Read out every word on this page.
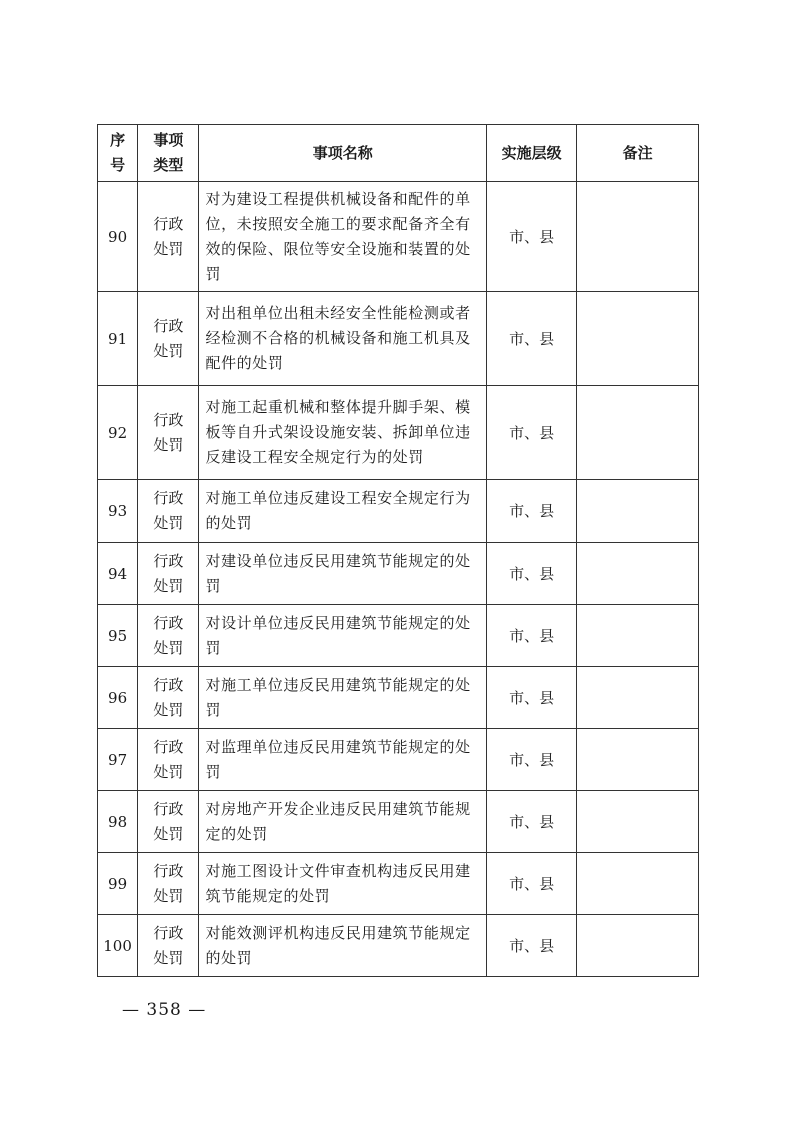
序号	事项类型	事项名称	实施层级	备注
90	行政处罚	对为建设工程提供机械设备和配件的单位，未按照安全施工的要求配备齐全有效的保险、限位等安全设施和装置的处罚	市、县	
91	行政处罚	对出租单位出租未经安全性能检测或者经检测不合格的机械设备和施工机具及配件的处罚	市、县	
92	行政处罚	对施工起重机械和整体提升脚手架、模板等自升式架设设施安装、拆卸单位违反建设工程安全规定行为的处罚	市、县	
93	行政处罚	对施工单位违反建设工程安全规定行为的处罚	市、县	
94	行政处罚	对建设单位违反民用建筑节能规定的处罚	市、县	
95	行政处罚	对设计单位违反民用建筑节能规定的处罚	市、县	
96	行政处罚	对施工单位违反民用建筑节能规定的处罚	市、县	
97	行政处罚	对监理单位违反民用建筑节能规定的处罚	市、县	
98	行政处罚	对房地产开发企业违反民用建筑节能规定的处罚	市、县	
99	行政处罚	对施工图设计文件审查机构违反民用建筑节能规定的处罚	市、县	
100	行政处罚	对能效测评机构违反民用建筑节能规定的处罚	市、县	
— 358 —
